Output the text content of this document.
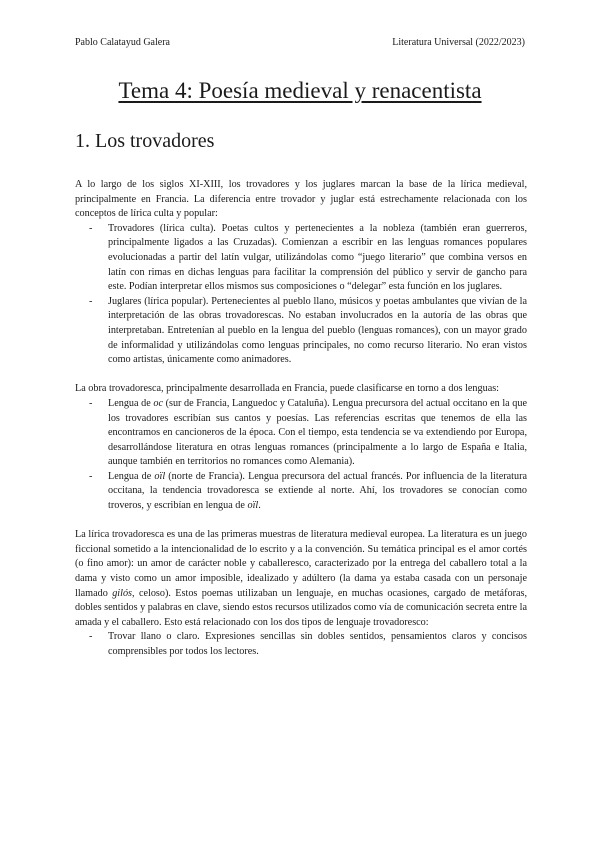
Pablo Calatayud Galera	Literatura Universal (2022/2023)
Tema 4: Poesía medieval y renacentista
1. Los trovadores

A lo largo de los siglos XI-XIII, los trovadores y los juglares marcan la base de la lírica medieval, principalmente en Francia. La diferencia entre trovador y juglar está estrechamente relacionada con los conceptos de lírica culta y popular:

- Trovadores (lírica culta). Poetas cultos y pertenecientes a la nobleza (también eran guerreros, principalmente ligados a las Cruzadas). Comienzan a escribir en las lenguas romances populares evolucionadas a partir del latín vulgar, utilizándolas como “juego literario” que combina versos en latín con rimas en dichas lenguas para facilitar la comprensión del público y servir de gancho para este. Podían interpretar ellos mismos sus composiciones o “delegar” esta función en los juglares.
- Juglares (lírica popular). Pertenecientes al pueblo llano, músicos y poetas ambulantes que vivían de la interpretación de las obras trovadorescas. No estaban involucrados en la autoría de las obras que interpretaban. Entretenían al pueblo en la lengua del pueblo (lenguas romances), con un mayor grado de informalidad y utilizándolas como lenguas principales, no como recurso literario. No eran vistos como artistas, únicamente como animadores.

La obra trovadoresca, principalmente desarrollada en Francia, puede clasificarse en torno a dos lenguas:

- Lengua de oc (sur de Francia, Languedoc y Cataluña). Lengua precursora del actual occitano en la que los trovadores escribían sus cantos y poesías. Las referencias escritas que tenemos de ella las encontramos en cancioneros de la época. Con el tiempo, esta tendencia se va extendiendo por Europa, desarrollándose literatura en otras lenguas romances (principalmente a lo largo de España e Italia, aunque también en territorios no romances como Alemania).
- Lengua de oïl (norte de Francia). Lengua precursora del actual francés. Por influencia de la literatura occitana, la tendencia trovadoresca se extiende al norte. Ahí, los trovadores se conocían como troveros, y escribían en lengua de oïl.

La lírica trovadoresca es una de las primeras muestras de literatura medieval europea. La literatura es un juego ficcional sometido a la intencionalidad de lo escrito y a la convención. Su temática principal es el amor cortés (o fino amor): un amor de carácter noble y caballeresco, caracterizado por la entrega del caballero total a la dama y visto como un amor imposible, idealizado y adúltero (la dama ya estaba casada con un personaje llamado gilós, celoso). Estos poemas utilizaban un lenguaje, en muchas ocasiones, cargado de metáforas, dobles sentidos y palabras en clave, siendo estos recursos utilizados como vía de comunicación secreta entre la amada y el caballero. Esto está relacionado con los dos tipos de lenguaje trovadoresco:

- Trovar llano o claro. Expresiones sencillas sin dobles sentidos, pensamientos claros y concisos comprensibles por todos los lectores.
